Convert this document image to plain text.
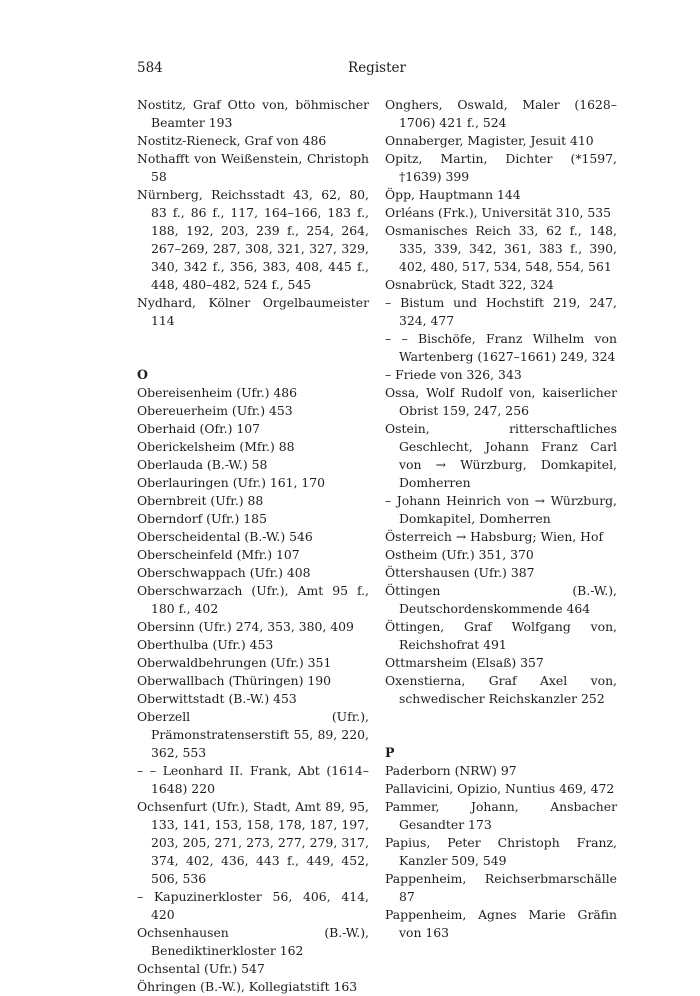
584	Register
Nostitz, Graf Otto von, böhmischer Beamter 193
Nostitz-Rieneck, Graf von 486
Nothafft von Weißenstein, Christoph 58
Nürnberg, Reichsstadt 43, 62, 80, 83 f., 86 f., 117, 164–166, 183 f., 188, 192, 203, 239 f., 254, 264, 267–269, 287, 308, 321, 327, 329, 340, 342 f., 356, 383, 408, 445 f., 448, 480–482, 524 f., 545
Nydhard, Kölner Orgelbaumeister 114
O
Obereisenheim (Ufr.) 486
Obereuerheim (Ufr.) 453
Oberhaid (Ofr.) 107
Oberickelsheim (Mfr.) 88
Oberlauda (B.-W.) 58
Oberlauringen (Ufr.) 161, 170
Obernbreit (Ufr.) 88
Oberndorf (Ufr.) 185
Oberscheidental (B.-W.) 546
Oberscheinfeld (Mfr.) 107
Oberschwappach (Ufr.) 408
Oberschwarzach (Ufr.), Amt 95 f., 180 f., 402
Obersinn (Ufr.) 274, 353, 380, 409
Oberthulba (Ufr.) 453
Oberwaldbehrungen (Ufr.) 351
Oberwallbach (Thüringen) 190
Oberwittstadt (B.-W.) 453
Oberzell (Ufr.), Prämonstratenserstift 55, 89, 220, 362, 553
– – Leonhard II. Frank, Abt (1614–1648) 220
Ochsenfurt (Ufr.), Stadt, Amt 89, 95, 133, 141, 153, 158, 178, 187, 197, 203, 205, 271, 273, 277, 279, 317, 374, 402, 436, 443 f., 449, 452, 506, 536
– Kapuzinerkloster 56, 406, 414, 420
Ochsenhausen (B.-W.), Benediktinerkloster 162
Ochsental (Ufr.) 547
Öhringen (B.-W.), Kollegiatstift 163
Onghers, Oswald, Maler (1628–1706) 421 f., 524
Onnaberger, Magister, Jesuit 410
Opitz, Martin, Dichter (*1597, †1639) 399
Öpp, Hauptmann 144
Orléans (Frk.), Universität 310, 535
Osmanisches Reich 33, 62 f., 148, 335, 339, 342, 361, 383 f., 390, 402, 480, 517, 534, 548, 554, 561
Osnabrück, Stadt 322, 324
– Bistum und Hochstift 219, 247, 324, 477
– – Bischöfe, Franz Wilhelm von Wartenberg (1627–1661) 249, 324
– Friede von 326, 343
Ossa, Wolf Rudolf von, kaiserlicher Obrist 159, 247, 256
Ostein, ritterschaftliches Geschlecht, Johann Franz Carl von → Würzburg, Domkapitel, Domherren
– Johann Heinrich von → Würzburg, Domkapitel, Domherren
Österreich → Habsburg; Wien, Hof
Ostheim (Ufr.) 351, 370
Öttershausen (Ufr.) 387
Öttingen (B.-W.), Deutschordenskommende 464
Öttingen, Graf Wolfgang von, Reichshofrat 491
Ottmarsheim (Elsaß) 357
Oxenstierna, Graf Axel von, schwedischer Reichskanzler 252
P
Paderborn (NRW) 97
Pallavicini, Opizio, Nuntius 469, 472
Pammer, Johann, Ansbacher Gesandter 173
Papius, Peter Christoph Franz, Kanzler 509, 549
Pappenheim, Reichserbmarschälle 87
Pappenheim, Agnes Marie Gräfin von 163
